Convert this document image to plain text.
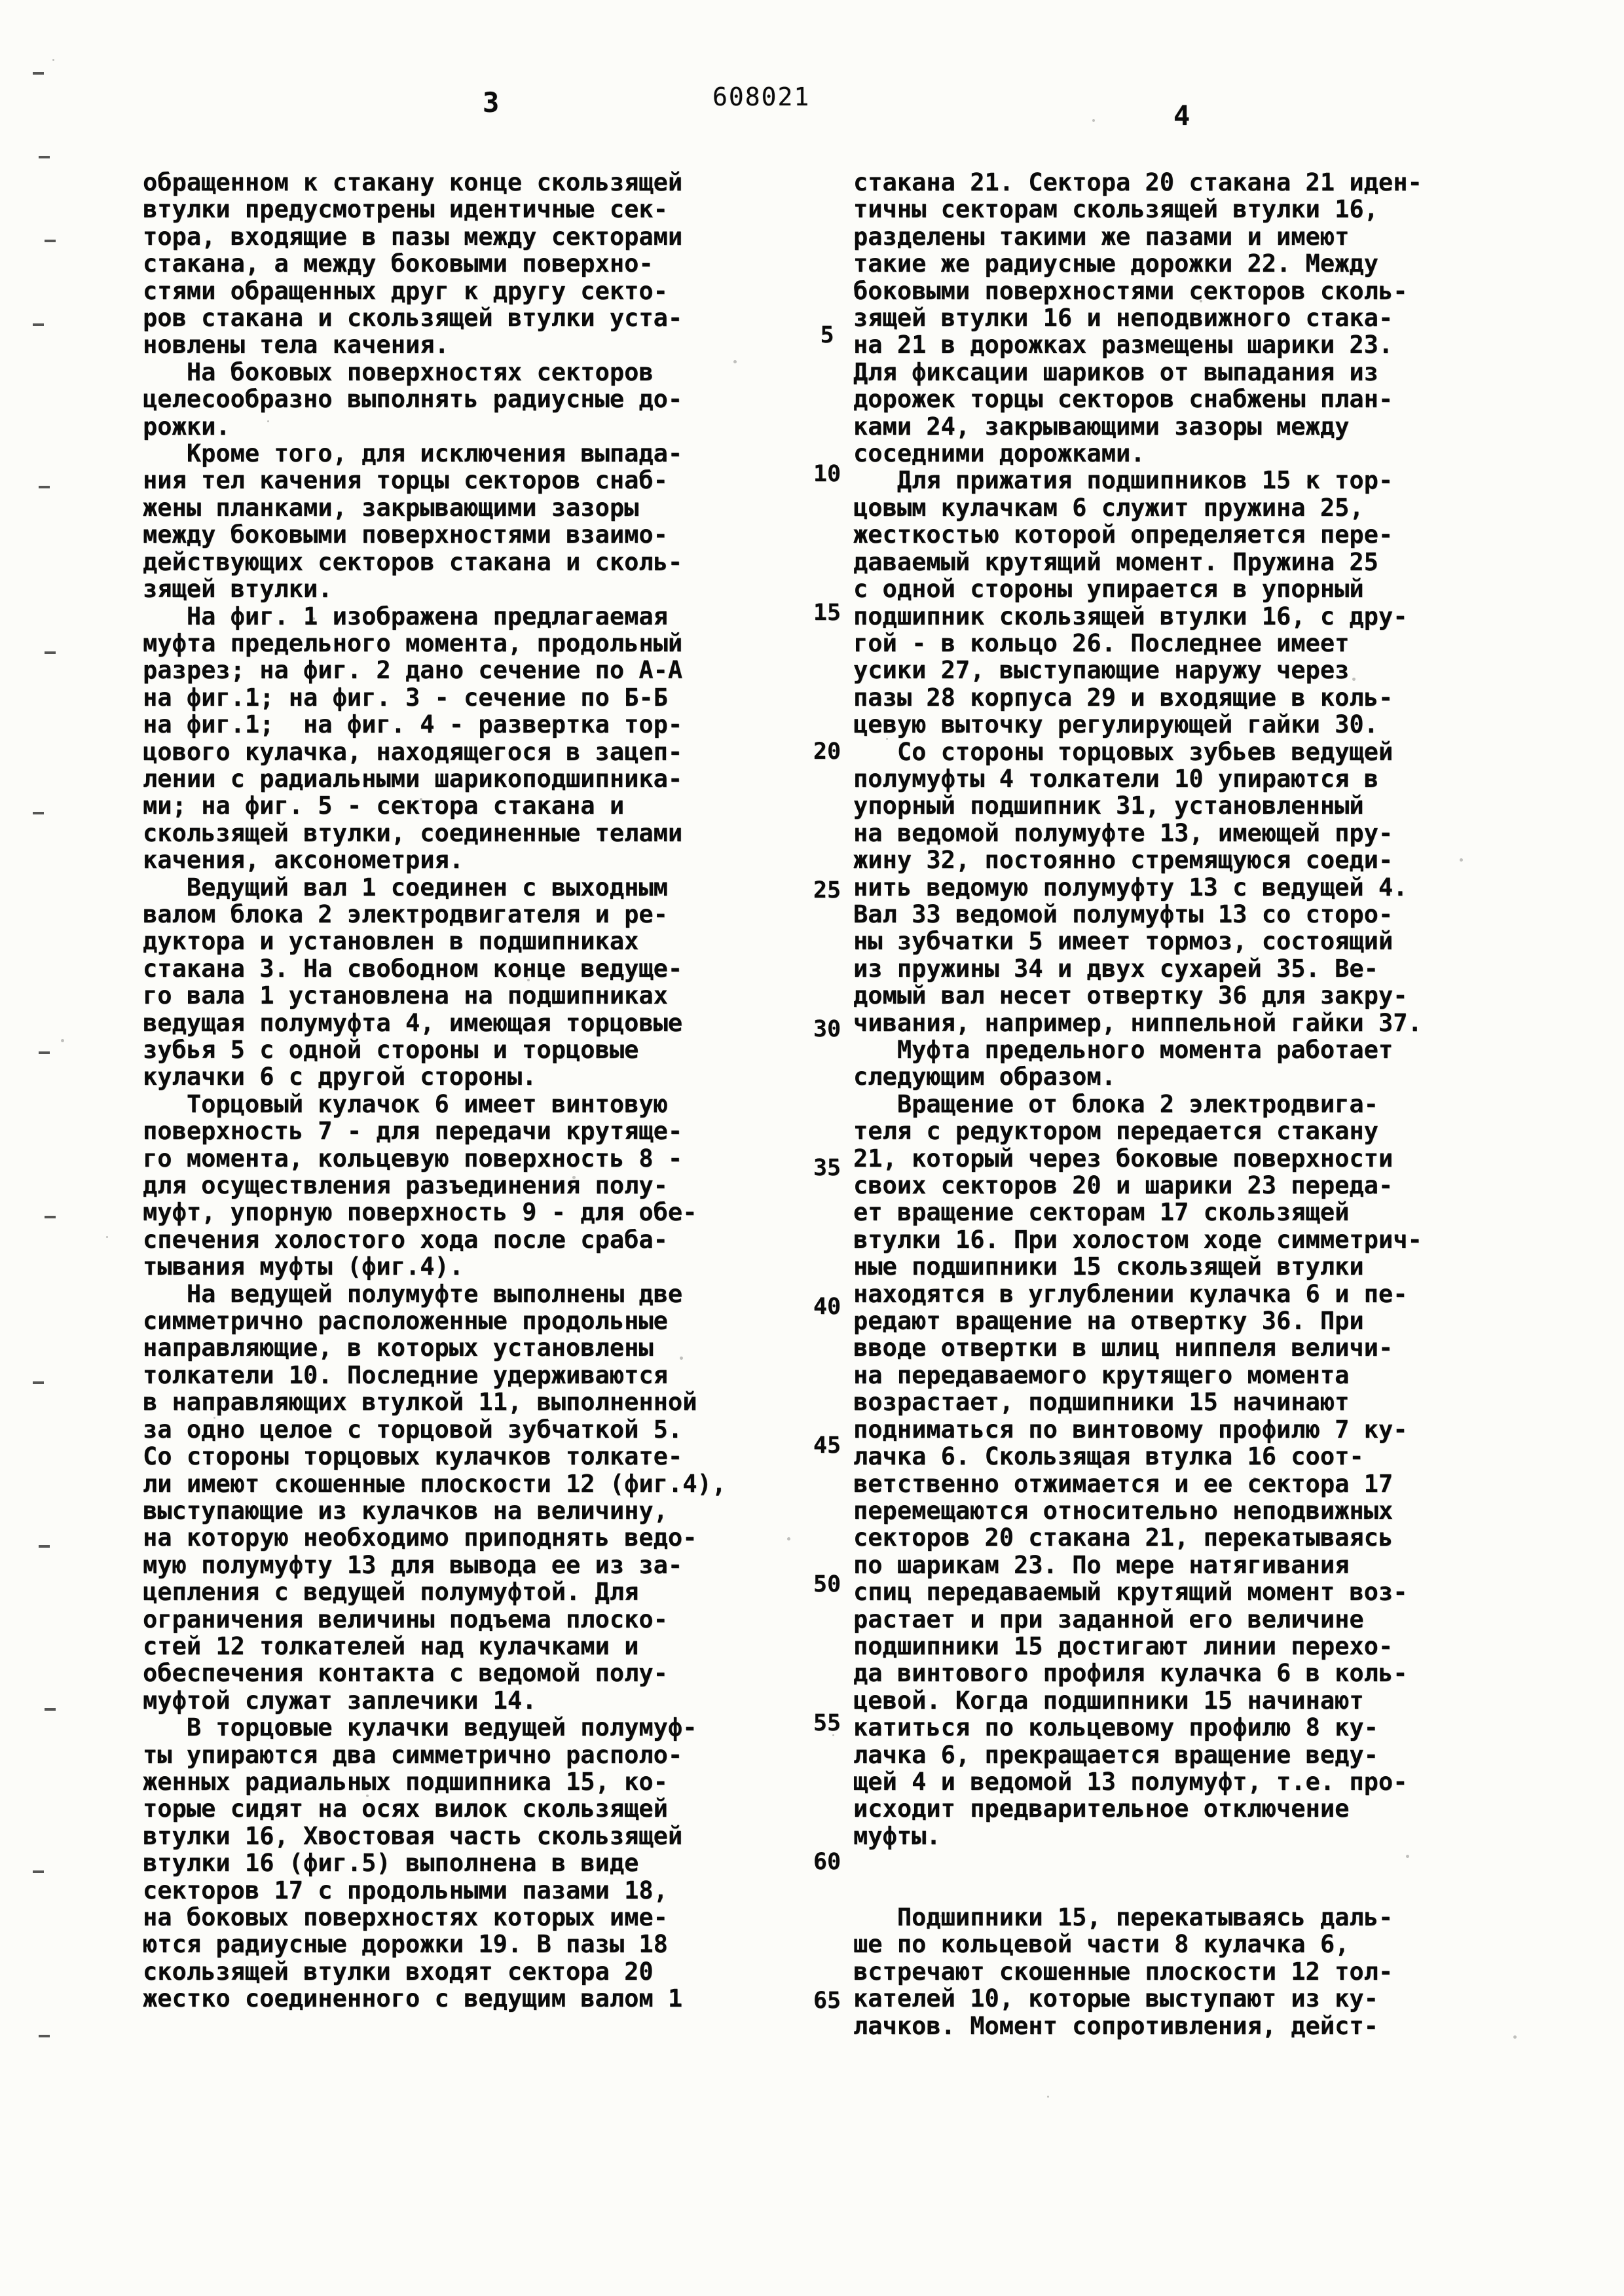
3	608021
4
обращенном к стакану конце скользящей
втулки предусмотрены идентичные сек-
тора, входящие в пазы между секторами
стакана, а между боковыми поверхно-
стями обращенных друг к другу секто-
ров стакана и скользящей втулки уста-
новлены тела качения.
На боковых поверхностях секторов
целесообразно выполнять радиусные до-
рожки.
Кроме того, для исключения выпада-
ния тел качения торцы секторов снаб-
жены планками, закрывающими зазоры
между боковыми поверхностями взаимо-
действующих секторов стакана и сколь-
зящей втулки.
На фиг. 1 изображена предлагаемая
муфта предельного момента, продольный
разрез; на фиг. 2 дано сечение по А-А
на фиг.1; на фиг. 3 - сечение по Б-Б
на фиг.1;  на фиг. 4 - развертка тор-
цового кулачка, находящегося в зацеп-
лении с радиальными шарикоподшипника-
ми; на фиг. 5 - сектора стакана и
скользящей втулки, соединенные телами
качения, аксонометрия.
Ведущий вал 1 соединен с выходным
валом блока 2 электродвигателя и ре-
дуктора и установлен в подшипниках
стакана 3. На свободном конце ведуще-
го вала 1 установлена на подшипниках
ведущая полумуфта 4, имеющая торцовые
зубья 5 с одной стороны и торцовые
кулачки 6 с другой стороны.
Торцовый кулачок 6 имеет винтовую
поверхность 7 - для передачи крутяще-
го момента, кольцевую поверхность 8 -
для осуществления разъединения полу-
муфт, упорную поверхность 9 - для обе-
спечения холостого хода после сраба-
тывания муфты (фиг.4).
На ведущей полумуфте выполнены две
симметрично расположенные продольные
направляющие, в которых установлены
толкатели 10. Последние удерживаются
в направляющих втулкой 11, выполненной
за одно целое с торцовой зубчаткой 5.
Со стороны торцовых кулачков толкате-
ли имеют скошенные плоскости 12 (фиг.4),
выступающие из кулачков на величину,
на которую необходимо приподнять ведо-
мую полумуфту 13 для вывода ее из за-
цепления с ведущей полумуфтой. Для
ограничения величины подъема плоско-
стей 12 толкателей над кулачками и
обеспечения контакта с ведомой полу-
муфтой служат заплечики 14.
В торцовые кулачки ведущей полумуф-
ты упираются два симметрично располо-
женных радиальных подшипника 15, ко-
торые сидят на осях вилок скользящей
втулки 16, Хвостовая часть скользящей
втулки 16 (фиг.5) выполнена в виде
секторов 17 с продольными пазами 18,
на боковых поверхностях которых име-
ются радиусные дорожки 19. В пазы 18
скользящей втулки входят сектора 20
жестко соединенного с ведущим валом 1
стакана 21. Сектора 20 стакана 21 иден-
тичны секторам скользящей втулки 16,
разделены такими же пазами и имеют
такие же радиусные дорожки 22. Между
боковыми поверхностями секторов сколь-
зящей втулки 16 и неподвижного стака-
на 21 в дорожках размещены шарики 23.
Для фиксации шариков от выпадания из
дорожек торцы секторов снабжены план-
ками 24, закрывающими зазоры между
соседними дорожками.
Для прижатия подшипников 15 к тор-
цовым кулачкам 6 служит пружина 25,
жесткостью которой определяется пере-
даваемый крутящий момент. Пружина 25
с одной стороны упирается в упорный
подшипник скользящей втулки 16, с дру-
гой - в кольцо 26. Последнее имеет
усики 27, выступающие наружу через
пазы 28 корпуса 29 и входящие в коль-
цевую выточку регулирующей гайки 30.
Со стороны торцовых зубьев ведущей
полумуфты 4 толкатели 10 упираются в
упорный подшипник 31, установленный
на ведомой полумуфте 13, имеющей пру-
жину 32, постоянно стремящуюся соеди-
нить ведомую полумуфту 13 с ведущей 4.
Вал 33 ведомой полумуфты 13 со сторо-
ны зубчатки 5 имеет тормоз, состоящий
из пружины 34 и двух сухарей 35. Ве-
домый вал несет отвертку 36 для закру-
чивания, например, ниппельной гайки 37.
Муфта предельного момента работает
следующим образом.
Вращение от блока 2 электродвига-
теля с редуктором передается стакану
21, который через боковые поверхности
своих секторов 20 и шарики 23 переда-
ет вращение секторам 17 скользящей
втулки 16. При холостом ходе симметрич-
ные подшипники 15 скользящей втулки
находятся в углублении кулачка 6 и пе-
редают вращение на отвертку 36. При
вводе отвертки в шлиц ниппеля величи-
на передаваемого крутящего момента
возрастает, подшипники 15 начинают
подниматься по винтовому профилю 7 ку-
лачка 6. Скользящая втулка 16 соот-
ветственно отжимается и ее сектора 17
перемещаются относительно неподвижных
секторов 20 стакана 21, перекатываясь
по шарикам 23. По мере натягивания
спиц передаваемый крутящий момент воз-
растает и при заданной его величине
подшипники 15 достигают линии перехо-
да винтового профиля кулачка 6 в коль-
цевой. Когда подшипники 15 начинают
катиться по кольцевому профилю 8 ку-
лачка 6, прекращается вращение веду-
щей 4 и ведомой 13 полумуфт, т.е. про-
исходит предварительное отключение
муфты.
Подшипники 15, перекатываясь даль-
ше по кольцевой части 8 кулачка 6,
встречают скошенные плоскости 12 тол-
кателей 10, которые выступают из ку-
лачков. Момент сопротивления, дейст-
5
10
15
20
25
30
35
40
45
50
55
60
65
